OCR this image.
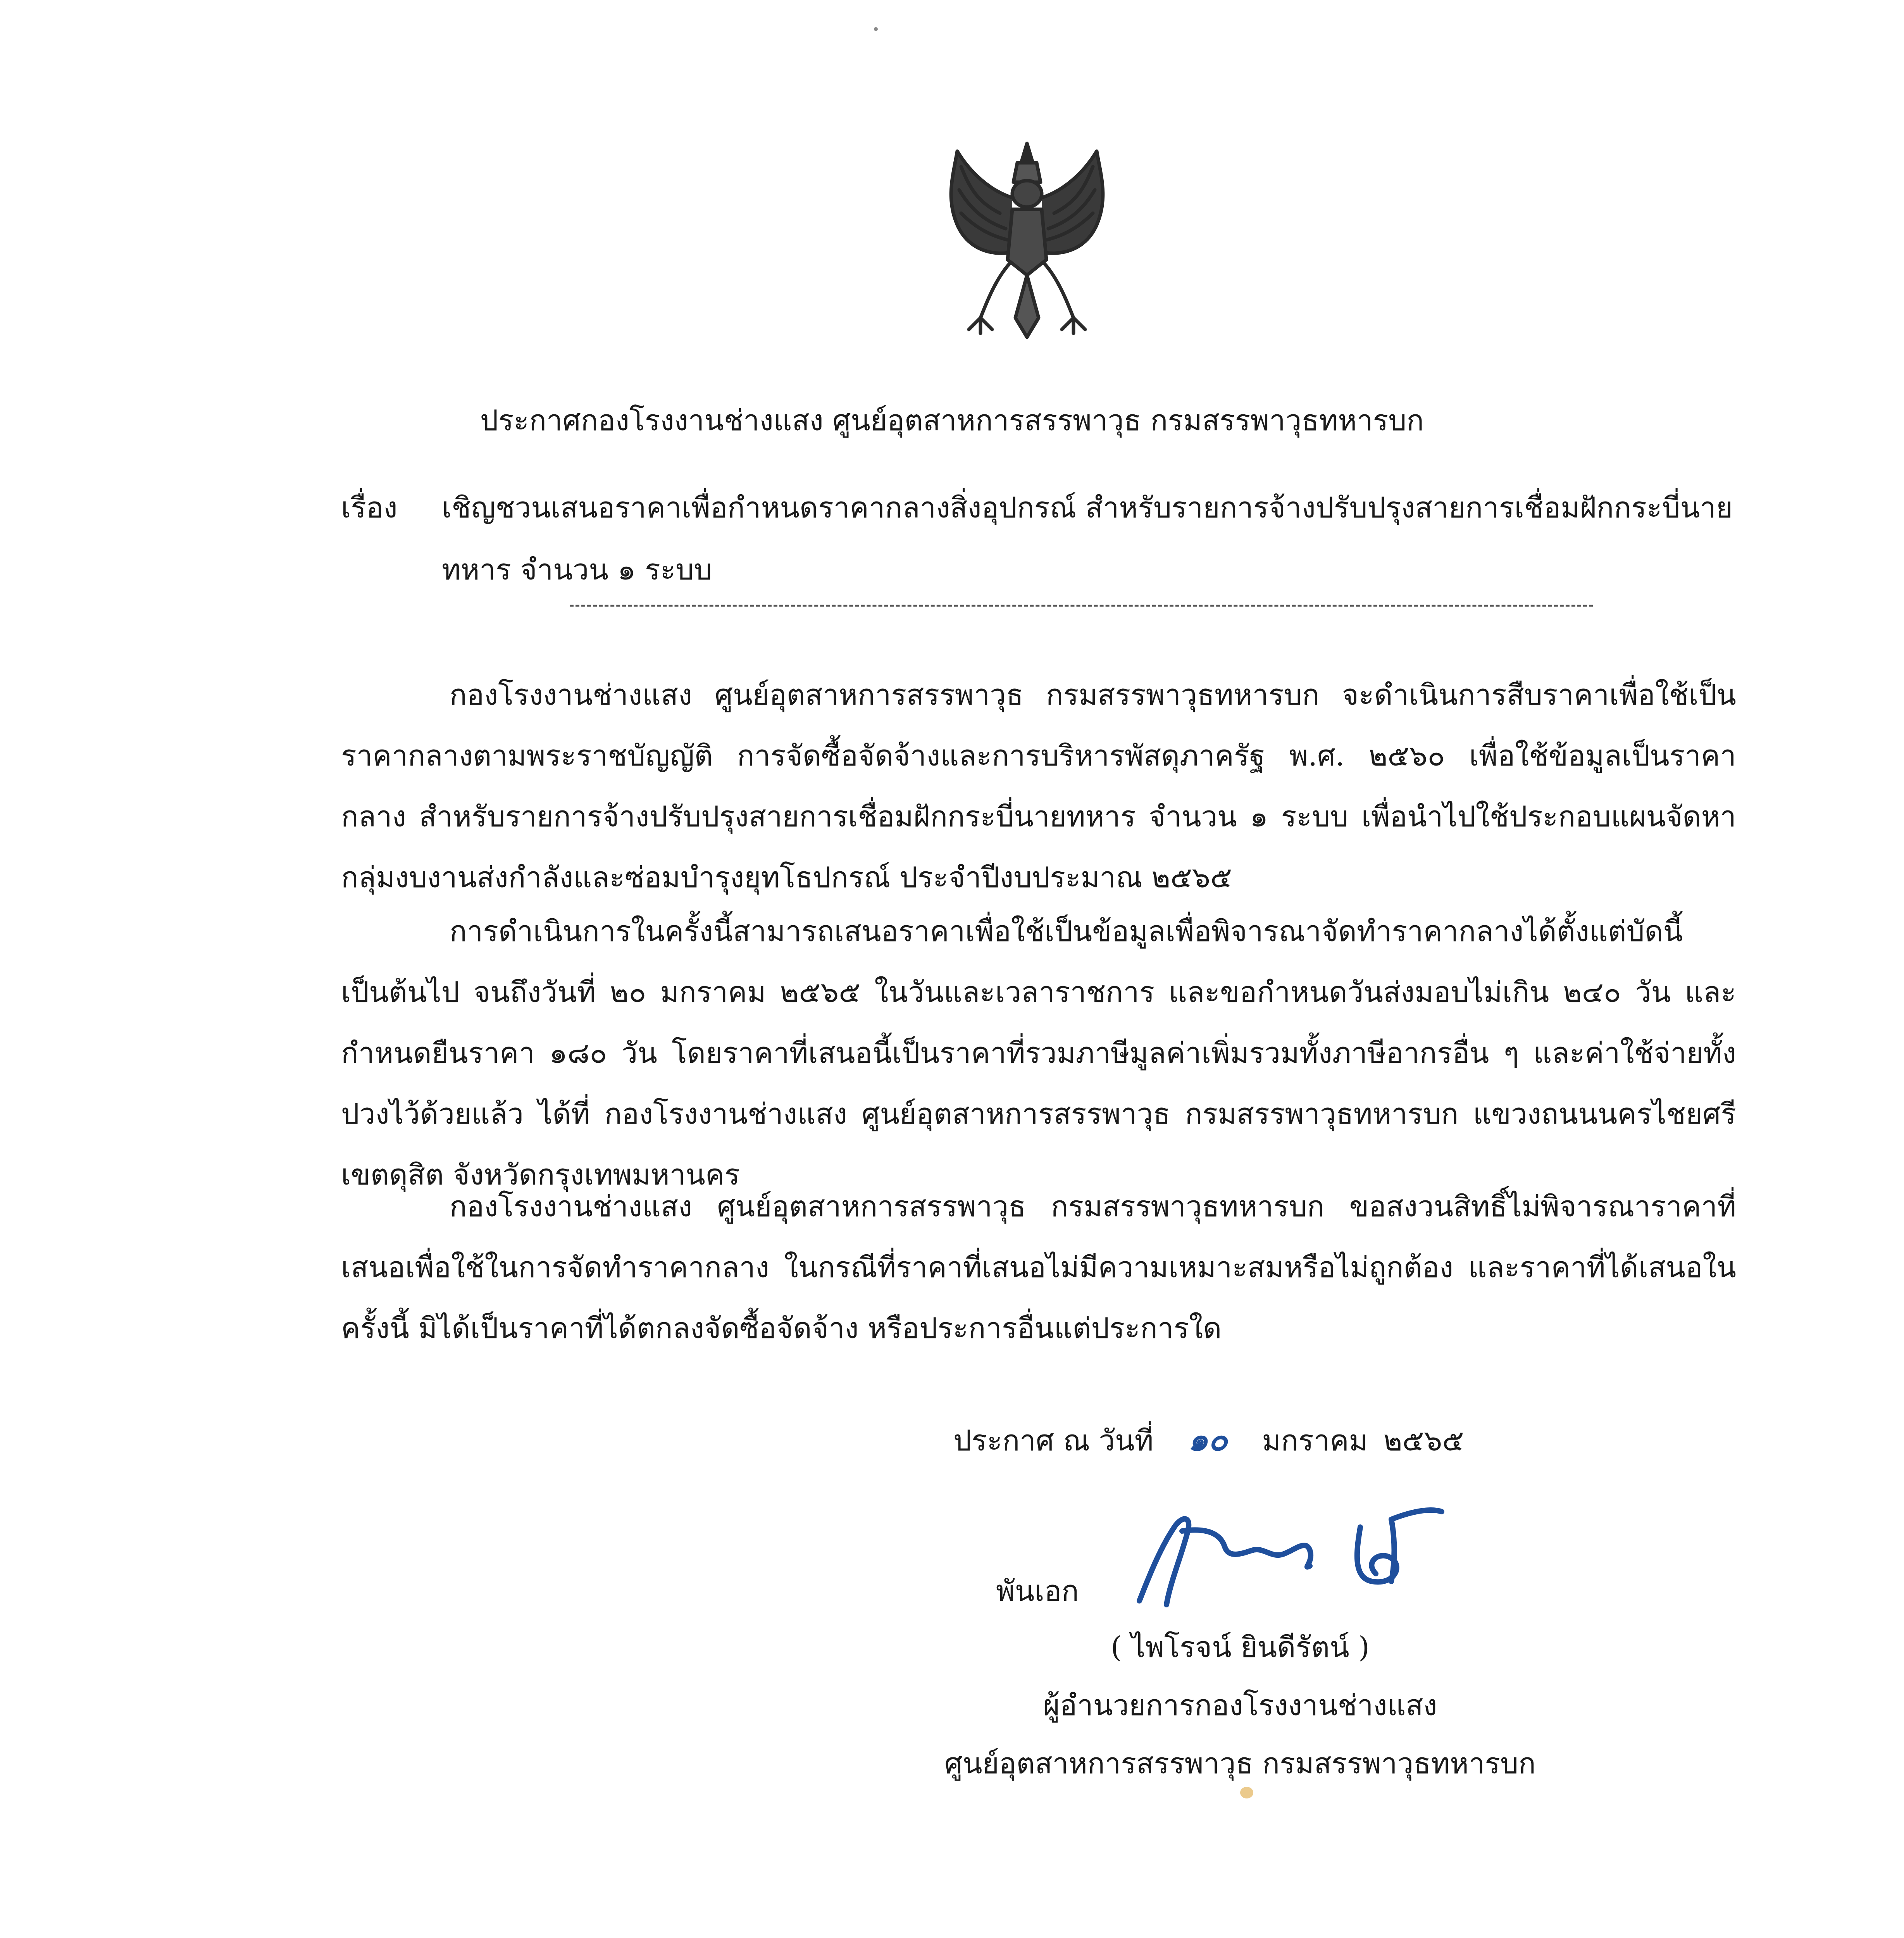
ประกาศกองโรงงานช่างแสง ศูนย์อุตสาหการสรรพาวุธ กรมสรรพาวุธทหารบก
เรื่อง เชิญชวนเสนอราคาเพื่อกำหนดราคากลางสิ่งอุปกรณ์ สำหรับรายการจ้างปรับปรุงสายการเชื่อมฝักกระบี่นายทหาร จำนวน ๑ ระบบ
กองโรงงานช่างแสง ศูนย์อุตสาหการสรรพาวุธ กรมสรรพาวุธทหารบก จะดำเนินการสืบราคาเพื่อใช้เป็นราคากลางตามพระราชบัญญัติ การจัดซื้อจัดจ้างและการบริหารพัสดุภาครัฐ พ.ศ. ๒๕๖๐ เพื่อใช้ข้อมูลเป็นราคากลาง สำหรับรายการจ้างปรับปรุงสายการเชื่อมฝักกระบี่นายทหาร จำนวน ๑ ระบบ เพื่อนำไปใช้ประกอบแผนจัดหากลุ่มงบงานส่งกำลังและซ่อมบำรุงยุทโธปกรณ์ ประจำปีงบประมาณ ๒๕๖๕
การดำเนินการในครั้งนี้สามารถเสนอราคาเพื่อใช้เป็นข้อมูลเพื่อพิจารณาจัดทำราคากลางได้ตั้งแต่บัดนี้เป็นต้นไป จนถึงวันที่ ๒๐ มกราคม ๒๕๖๕ ในวันและเวลาราชการ และขอกำหนดวันส่งมอบไม่เกิน ๒๔๐ วัน และ กำหนดยืนราคา ๑๘๐ วัน โดยราคาที่เสนอนี้เป็นราคาที่รวมภาษีมูลค่าเพิ่มรวมทั้งภาษีอากรอื่น ๆ และค่าใช้จ่ายทั้งปวงไว้ด้วยแล้ว ได้ที่ กองโรงงานช่างแสง ศูนย์อุตสาหการสรรพาวุธ กรมสรรพาวุธทหารบก แขวงถนนนครไชยศรี เขตดุสิต จังหวัดกรุงเทพมหานคร
กองโรงงานช่างแสง ศูนย์อุตสาหการสรรพาวุธ กรมสรรพาวุธทหารบก ขอสงวนสิทธิ์ไม่พิจารณาราคาที่เสนอเพื่อใช้ในการจัดทำราคากลาง ในกรณีที่ราคาที่เสนอไม่มีความเหมาะสมหรือไม่ถูกต้อง และราคาที่ได้เสนอในครั้งนี้ มิได้เป็นราคาที่ได้ตกลงจัดซื้อจัดจ้าง หรือประการอื่นแต่ประการใด
ประกาศ ณ วันที่ ๑๐ มกราคม ๒๕๖๕
พันเอก
( ไพโรจน์ ยินดีรัตน์ )
ผู้อำนวยการกองโรงงานช่างแสง
ศูนย์อุตสาหการสรรพาวุธ กรมสรรพาวุธทหารบก
